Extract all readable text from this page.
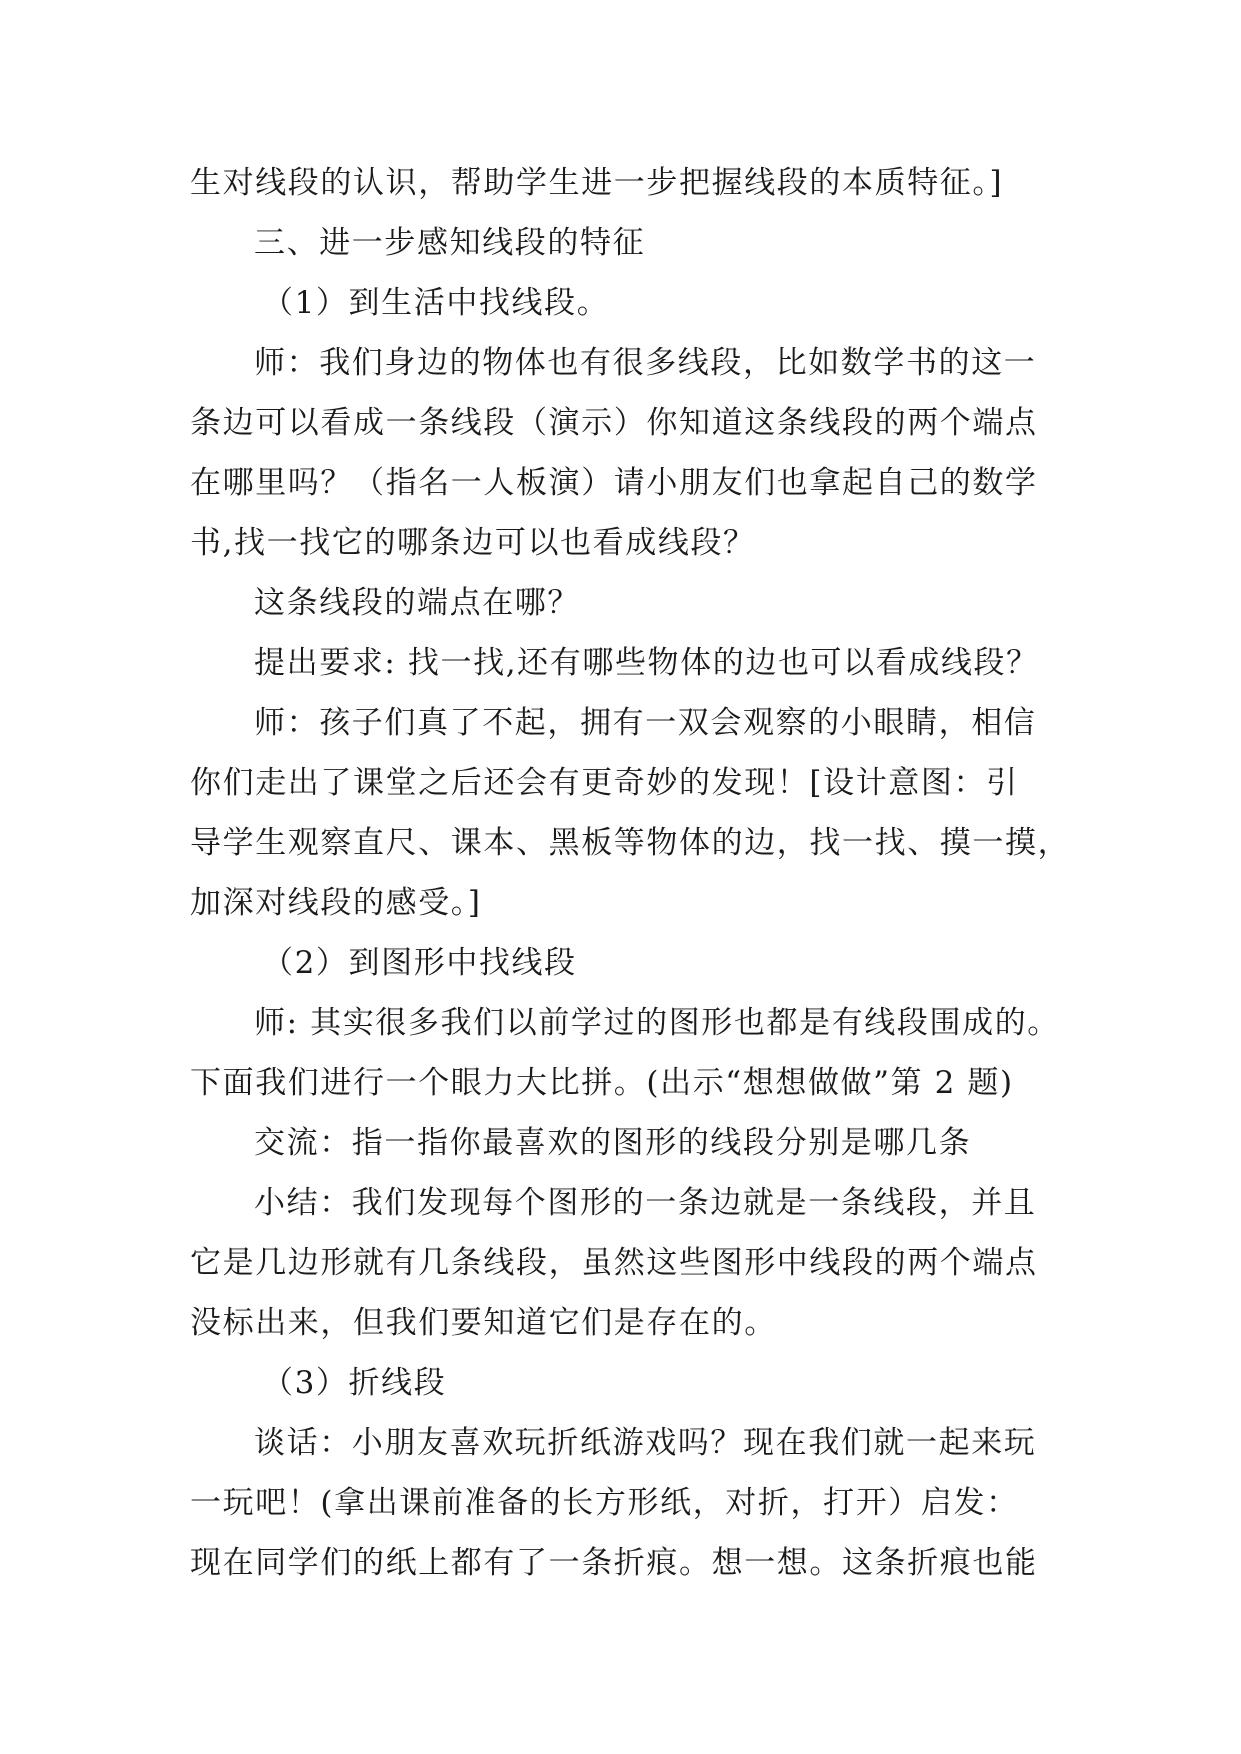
生对线段的认识，帮助学生进一步把握线段的本质特征。]
三、进一步感知线段的特征
（1）到生活中找线段。
师：我们身边的物体也有很多线段，比如数学书的这一
条边可以看成一条线段（演示）你知道这条线段的两个端点
在哪里吗？（指名一人板演）请小朋友们也拿起自己的数学
书,找一找它的哪条边可以也看成线段？
这条线段的端点在哪？
提出要求: 找一找,还有哪些物体的边也可以看成线段？
师：孩子们真了不起，拥有一双会观察的小眼睛，相信
你们走出了课堂之后还会有更奇妙的发现！[设计意图：引
导学生观察直尺、课本、黑板等物体的边，找一找、摸一摸，
加深对线段的感受。]
（2）到图形中找线段
师: 其实很多我们以前学过的图形也都是有线段围成的。
下面我们进行一个眼力大比拼。(出示“想想做做”第 2 题)
交流：指一指你最喜欢的图形的线段分别是哪几条
小结：我们发现每个图形的一条边就是一条线段，并且
它是几边形就有几条线段，虽然这些图形中线段的两个端点
没标出来，但我们要知道它们是存在的。
（3）折线段
谈话：小朋友喜欢玩折纸游戏吗？现在我们就一起来玩
一玩吧！(拿出课前准备的长方形纸，对折，打开）启发：
现在同学们的纸上都有了一条折痕。想一想。这条折痕也能
